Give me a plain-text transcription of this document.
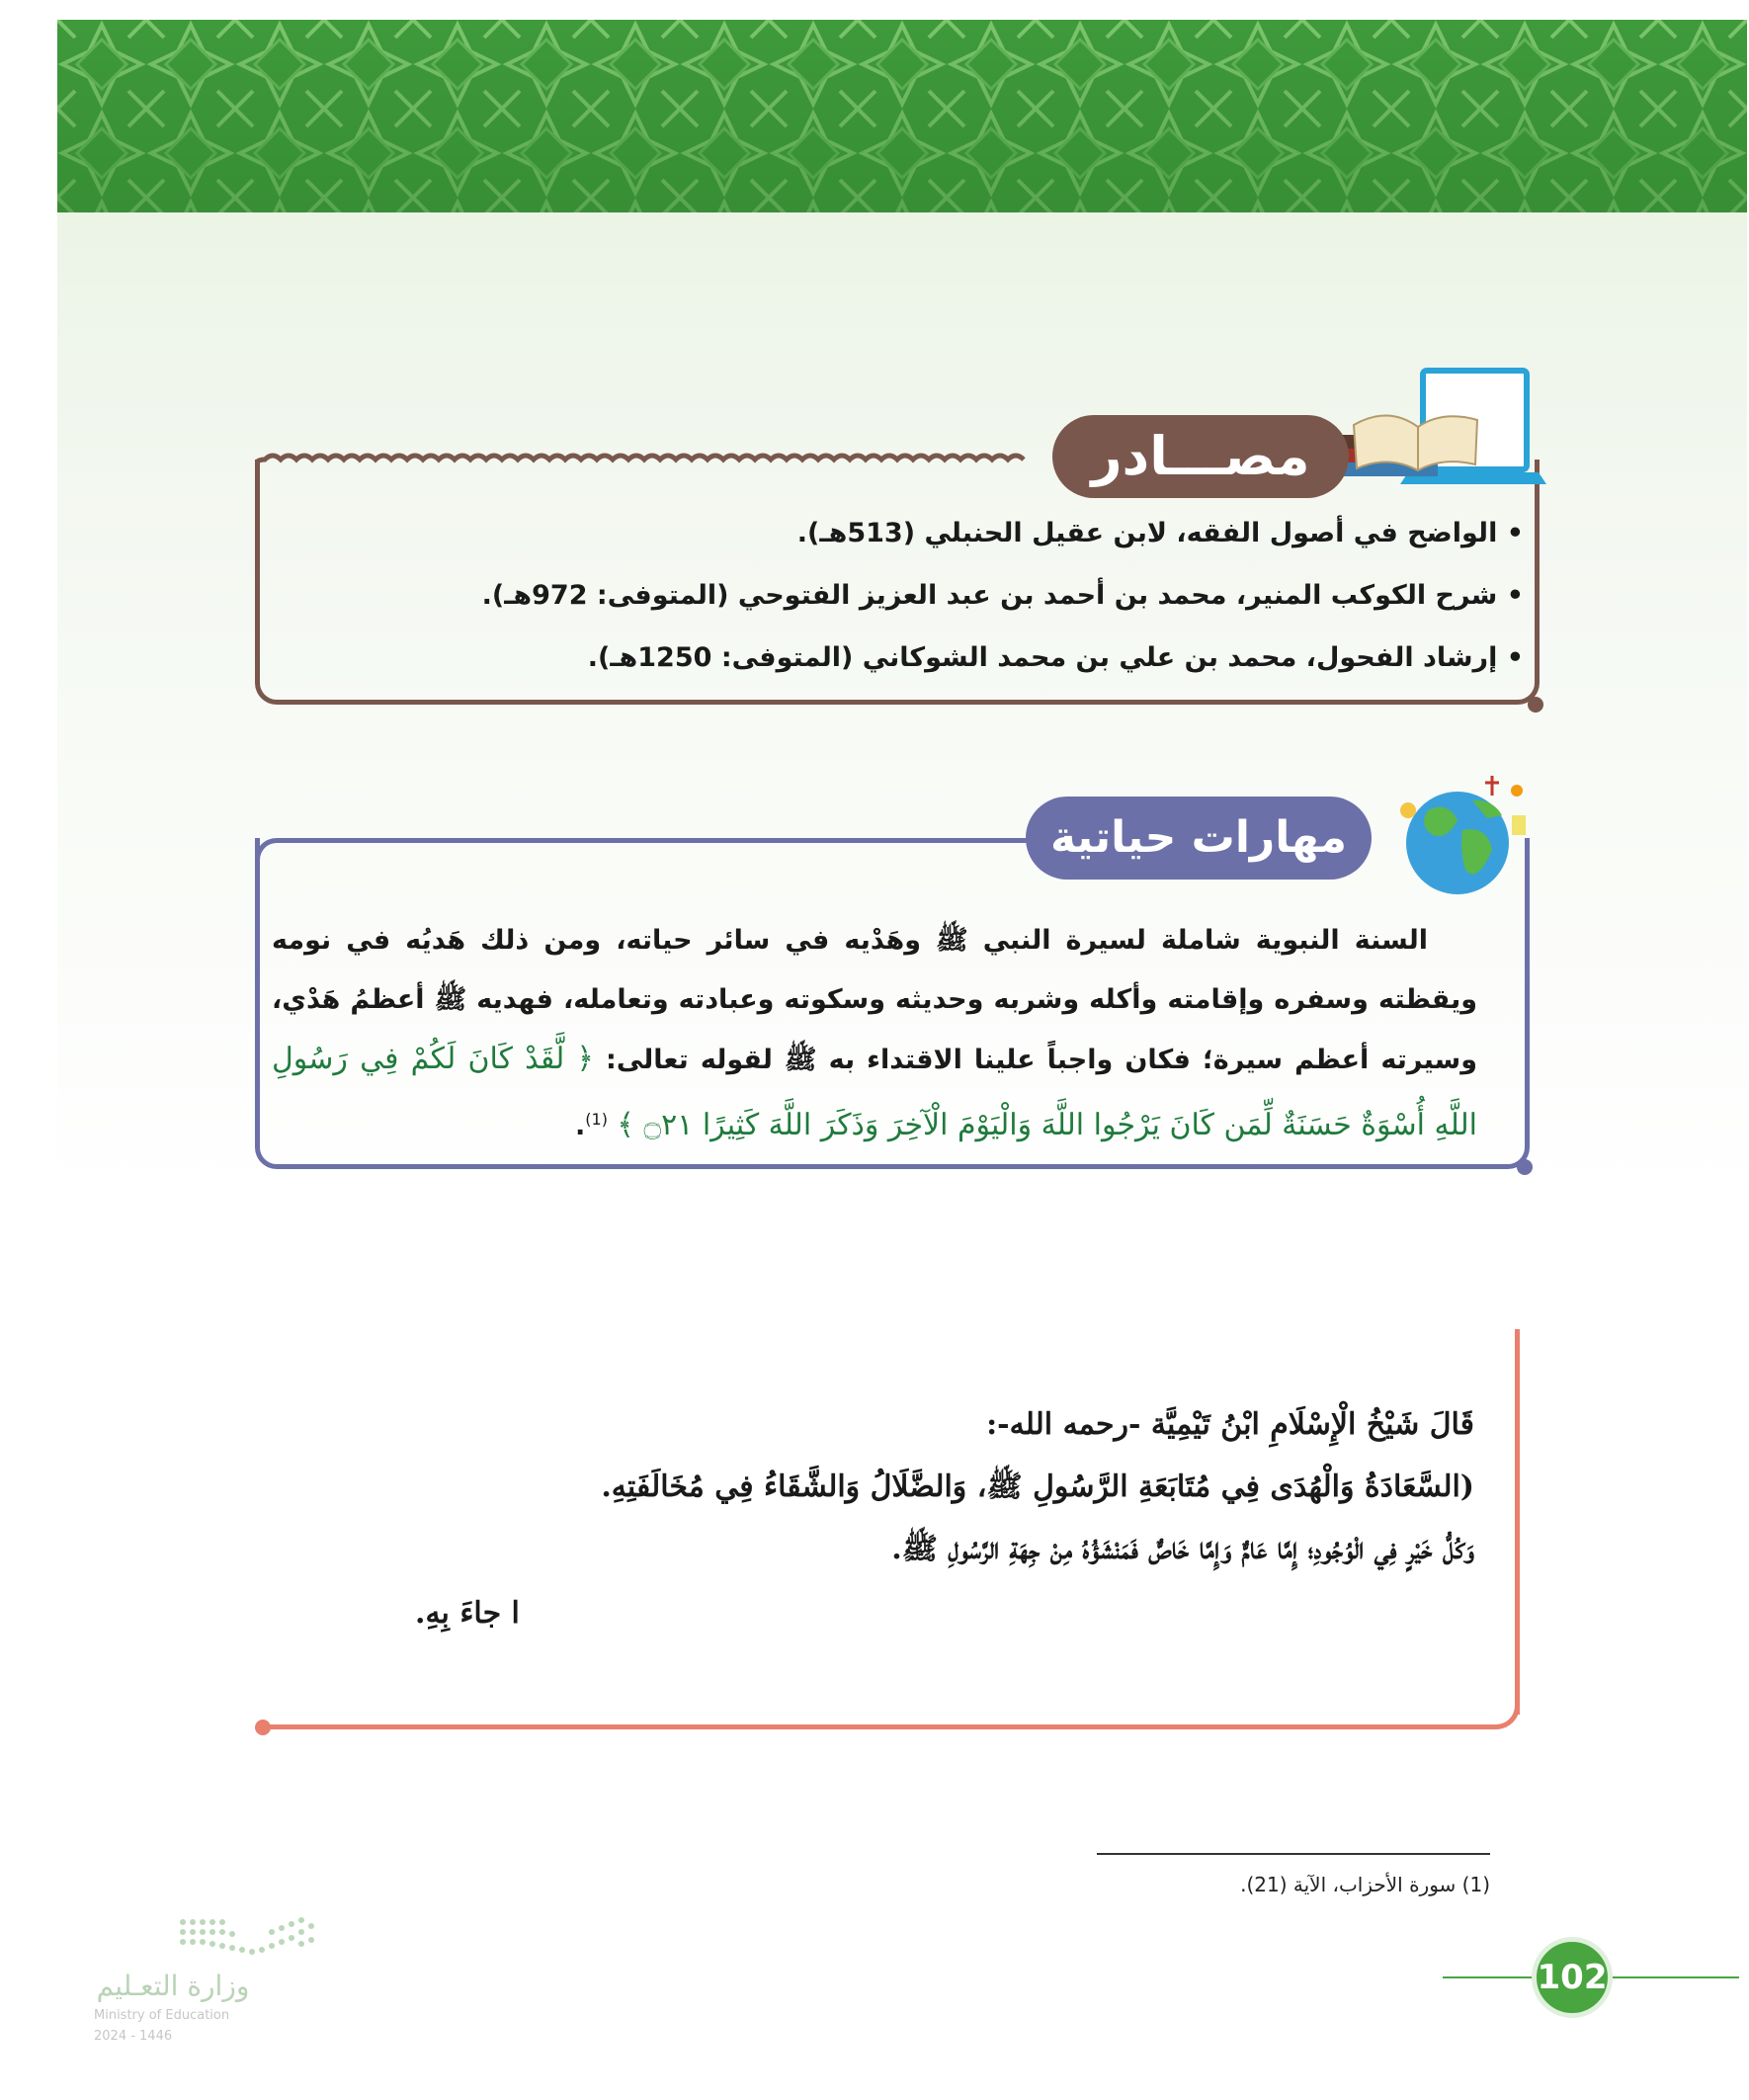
مصـــادر
• الواضح في أصول الفقه، لابن عقيل الحنبلي (513هـ).
• شرح الكوكب المنير، محمد بن أحمد بن عبد العزيز الفتوحي (المتوفى: 972هـ).
• إرشاد الفحول، محمد بن علي بن محمد الشوكاني (المتوفى: 1250هـ).
مهارات حياتية
السنة النبوية شاملة لسيرة النبي ﷺ وهَدْيه في سائر حياته، ومن ذلك هَديُه في نومه ويقظته وسفره وإقامته وأكله وشربه وحديثه وسكوته وعبادته وتعامله، فهديه ﷺ أعظمُ هَدْي، وسيرته أعظم سيرة؛ فكان واجباً علينا الاقتداء به ﷺ لقوله تعالى: ﴿ لَّقَدْ كَانَ لَكُمْ فِي رَسُولِ اللَّهِ أُسْوَةٌ حَسَنَةٌ لِّمَن كَانَ يَرْجُوا اللَّهَ وَالْيَوْمَ الْآخِرَ وَذَكَرَ اللَّهَ كَثِيرًا ۝٢١ ﴾ $^{(1)}$.
قَالَ شَيْخُ الْإِسْلَامِ ابْنُ تَيْمِيَّة -رحمه الله-:
(السَّعَادَةُ وَالْهُدَى فِي مُتَابَعَةِ الرَّسُولِ ﷺ، وَالضَّلَالُ وَالشَّقَاءُ فِي مُخَالَفَتِهِ.
وَكُلُّ خَيْرٍ فِي الْوُجُودِ؛ إِمَّا عَامٌّ وَإِمَّا خَاصٌّ فَمَنْشَؤُهُ مِنْ جِهَةِ الرَّسُولِ ﷺ.
ا جاءَ بِهِ.
(1) سورة الأحزاب، الآية (21).
102
وزارة التعـليم
Ministry of Education
2024 - 1446
